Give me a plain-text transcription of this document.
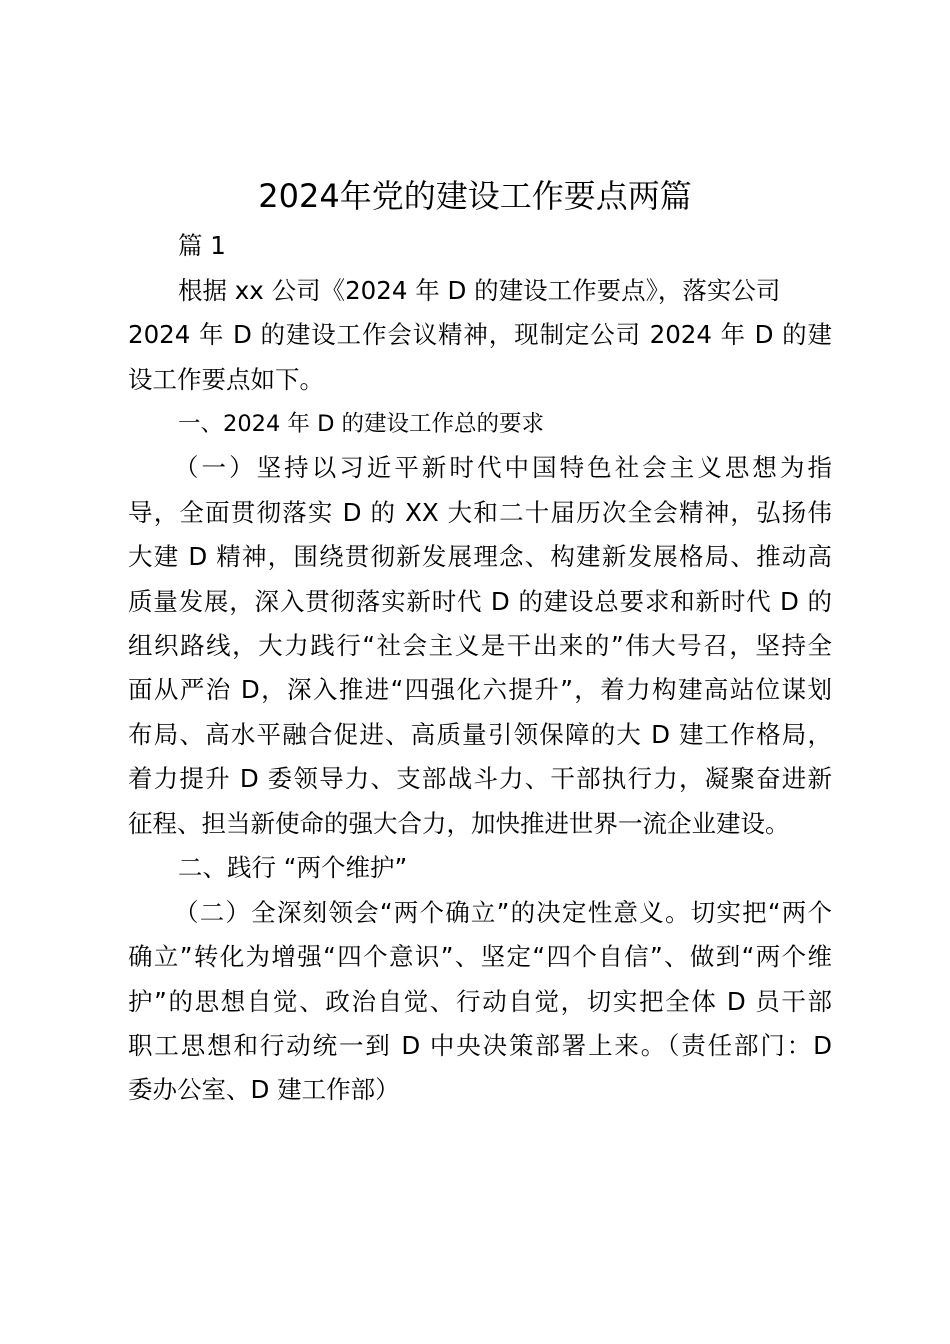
2024年党的建设工作要点两篇
篇 1
根据 xx 公司《2024 年 D 的建设工作要点》，落实公司
2024 年 D 的建设工作会议精神，现制定公司 2024 年 D 的建
设工作要点如下。
一、2024 年 D 的建设工作总的要求
（一）坚持以习近平新时代中国特色社会主义思想为指
导，全面贯彻落实 D 的 XX 大和二十届历次全会精神，弘扬伟
大建 D 精神，围绕贯彻新发展理念、构建新发展格局、推动高
质量发展，深入贯彻落实新时代 D 的建设总要求和新时代 D 的
组织路线，大力践行“社会主义是干出来的”伟大号召，坚持全
面从严治 D，深入推进“四强化六提升”，着力构建高站位谋划
布局、高水平融合促进、高质量引领保障的大 D 建工作格局，
着力提升 D 委领导力、支部战斗力、干部执行力，凝聚奋进新
征程、担当新使命的强大合力，加快推进世界一流企业建设。
二、践行 “两个维护”
（二）全深刻领会“两个确立”的决定性意义。切实把“两个
确立”转化为增强“四个意识”、坚定“四个自信”、做到“两个维
护”的思想自觉、政治自觉、行动自觉，切实把全体 D 员干部
职工思想和行动统一到 D 中央决策部署上来。（责任部门：D
委办公室、D 建工作部）
